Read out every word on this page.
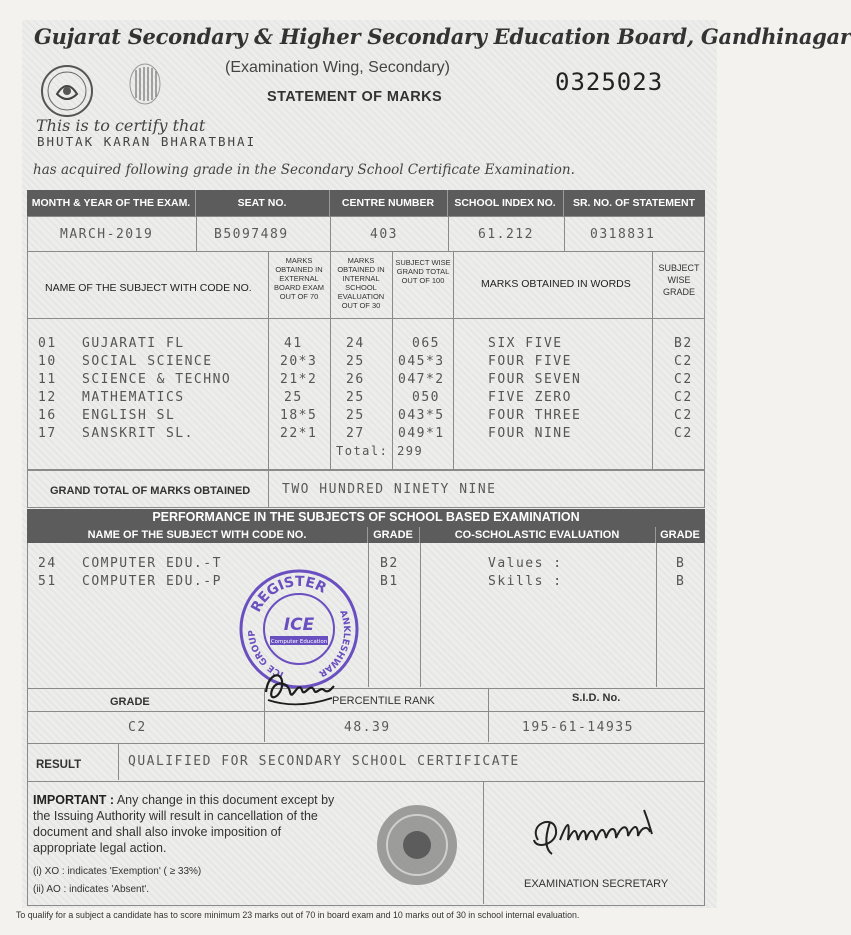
Gujarat Secondary & Higher Secondary Education Board, Gandhinagar
(Examination Wing, Secondary)
STATEMENT OF MARKS
0325023
This is to certify that
BHUTAK KARAN BHARATBHAI
has acquired following grade in the Secondary School Certificate Examination.
MONTH & YEAR OF THE EXAM.	SEAT NO.	CENTRE NUMBER	SCHOOL INDEX NO.	SR. NO. OF STATEMENT
MARCH-2019	B5097489	403	61.212	0318831
NAME OF THE SUBJECT WITH CODE NO.
MARKS OBTAINED IN EXTERNAL BOARD EXAM OUT OF 70
MARKS OBTAINED IN INTERNAL SCHOOL EVALUATION OUT OF 30
SUBJECT WISE GRAND TOTAL OUT OF 100	MARKS OBTAINED IN WORDS
SUBJECT WISE GRADE
01 GUJARATI FL	41	24	065	SIX FIVE	B2
10 SOCIAL SCIENCE	20*3 25	045*3	FOUR FIVE	C2
11 SCIENCE & TECHNO	21*2 26	047*2	FOUR SEVEN	C2
12 MATHEMATICS	25	25	050	FIVE ZERO	C2
16 ENGLISH SL	18*5 25	043*5	FOUR THREE	C2
17 SANSKRIT SL.	22*1 27	049*1	FOUR NINE	C2
Total: 299
GRAND TOTAL OF MARKS OBTAINED TWO HUNDRED NINETY NINE
PERFORMANCE IN THE SUBJECTS OF SCHOOL BASED EXAMINATION
NAME OF THE SUBJECT WITH CODE NO.	GRADE	CO-SCHOLASTIC EVALUATION	GRADE
24 COMPUTER EDU.-T	B2	Values :	B
51 COMPUTER EDU.-P	B1	Skills :	B
GRADE
C2
PERCENTILE RANK
48.39
S.I.D. No.
195-61-14935
RESULT	QUALIFIED FOR SECONDARY SCHOOL CERTIFICATE
IMPORTANT : Any change in this document except by the Issuing Authority will result in cancellation of the document and shall also invoke imposition of appropriate legal action.
(i) XO : indicates 'Exemption' ( ≥ 33%)
(ii) AO : indicates 'Absent'.	EXAMINATION SECRETARY
To qualify for a subject a candidate has to score minimum 23 marks out of 70 in board exam and 10 marks out of 30 in school internal evaluation.
REGISTER
ICE GROUP
ANKLESHWAR
ICE
Computer Education
